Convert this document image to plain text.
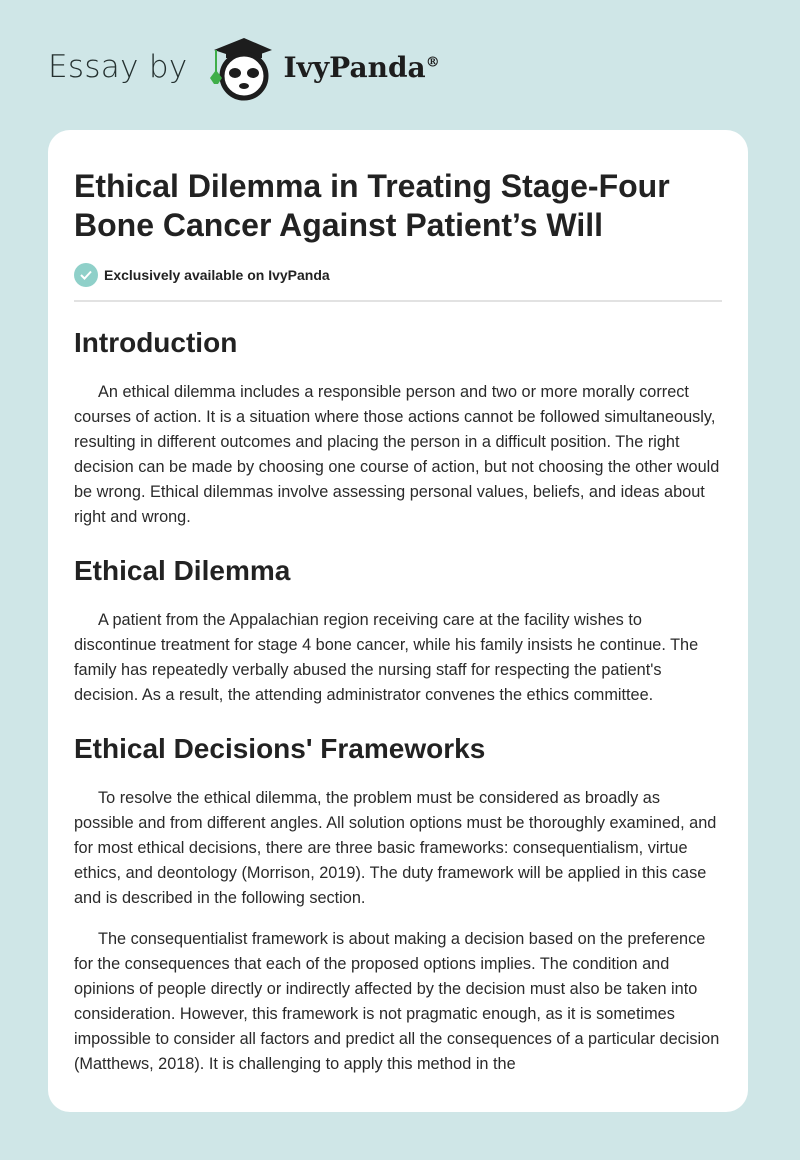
Essay by	IvyPanda®
Ethical Dilemma in Treating Stage-Four Bone Cancer Against Patient’s Will
Exclusively available on IvyPanda
Introduction

An ethical dilemma includes a responsible person and two or more morally correct courses of action. It is a situation where those actions cannot be followed simultaneously, resulting in different outcomes and placing the person in a difficult position. The right decision can be made by choosing one course of action, but not choosing the other would be wrong. Ethical dilemmas involve assessing personal values, beliefs, and ideas about right and wrong.

Ethical Dilemma

A patient from the Appalachian region receiving care at the facility wishes to discontinue treatment for stage 4 bone cancer, while his family insists he continue. The family has repeatedly verbally abused the nursing staff for respecting the patient's decision. As a result, the attending administrator convenes the ethics committee.

Ethical Decisions' Frameworks

To resolve the ethical dilemma, the problem must be considered as broadly as possible and from different angles. All solution options must be thoroughly examined, and for most ethical decisions, there are three basic frameworks: consequentialism, virtue ethics, and deontology (Morrison, 2019). The duty framework will be applied in this case and is described in the following section.

The consequentialist framework is about making a decision based on the preference for the consequences that each of the proposed options implies. The condition and opinions of people directly or indirectly affected by the decision must also be taken into consideration. However, this framework is not pragmatic enough, as it is sometimes impossible to consider all factors and predict all the consequences of a particular decision (Matthews, 2018). It is challenging to apply this method in the
